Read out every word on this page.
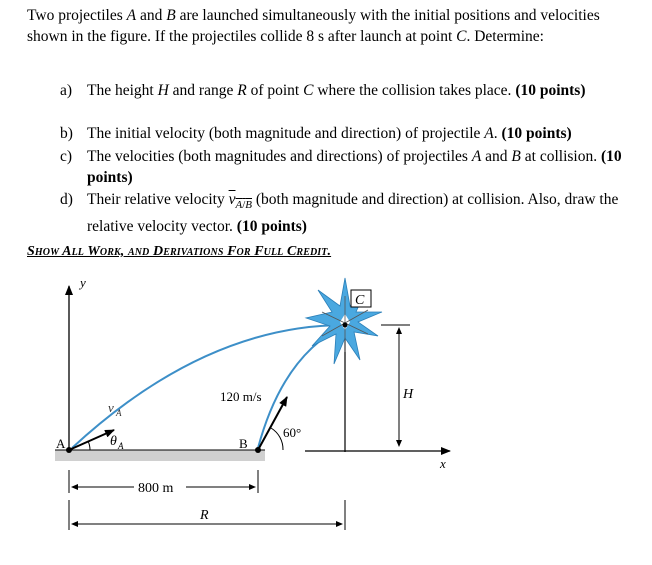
Two projectiles A and B are launched simultaneously with the initial positions and velocities shown in the figure. If the projectiles collide 8 s after launch at point C. Determine:
a) The height H and range R of point C where the collision takes place. (10 points)
b) The initial velocity (both magnitude and direction) of projectile A. (10 points)
c) The velocities (both magnitudes and directions) of projectiles A and B at collision. (10 points)
d) Their relative velocity $v_{A/B}$ (both magnitude and direction) at collision. Also, draw the relative velocity vector. (10 points)
Show All Work, and Derivations For Full Credit.
y
x
A
v A
θ A	B
120 m/s
60°
H
C
800 m
R
